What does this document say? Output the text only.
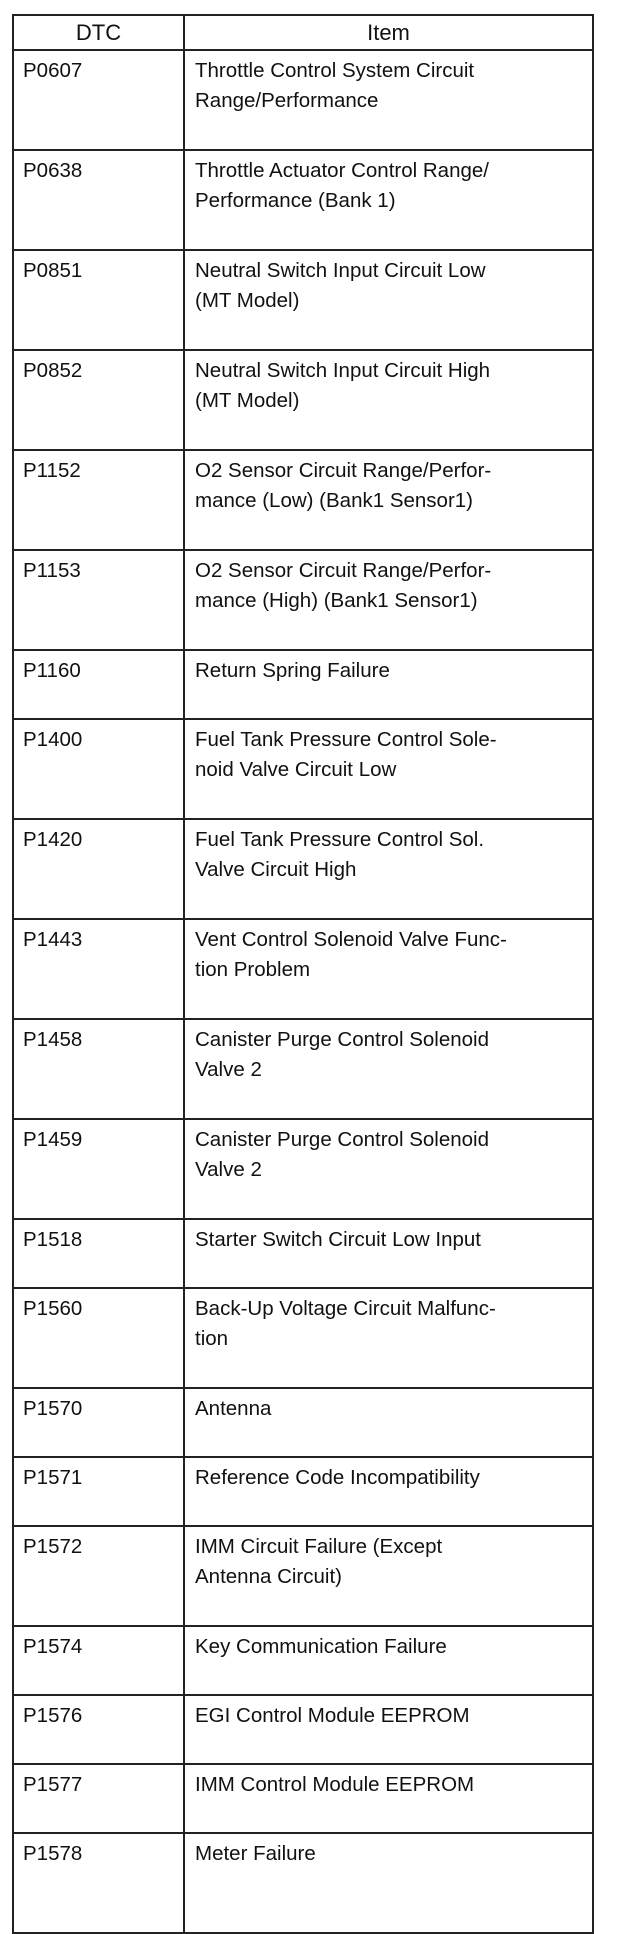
DTC	Item
P0607	Throttle Control System Circuit
Range/Performance

P0638	Throttle Actuator Control Range/
Performance (Bank 1)

P0851	Neutral Switch Input Circuit Low
(MT Model)

P0852	Neutral Switch Input Circuit High
(MT Model)

P1152	O2 Sensor Circuit Range/Perfor-
mance (Low) (Bank1 Sensor1)

P1153	O2 Sensor Circuit Range/Perfor-
mance (High) (Bank1 Sensor1)

P1160	Return Spring Failure
P1400	Fuel Tank Pressure Control Sole-
noid Valve Circuit Low

P1420	Fuel Tank Pressure Control Sol.
Valve Circuit High

P1443	Vent Control Solenoid Valve Func-
tion Problem

P1458	Canister Purge Control Solenoid
Valve 2

P1459	Canister Purge Control Solenoid
Valve 2

P1518	Starter Switch Circuit Low Input
P1560	Back-Up Voltage Circuit Malfunc-
tion

P1570	Antenna
P1571	Reference Code Incompatibility
P1572	IMM Circuit Failure (Except
Antenna Circuit)

P1574	Key Communication Failure
P1576	EGI Control Module EEPROM
P1577	IMM Control Module EEPROM
P1578	Meter Failure
